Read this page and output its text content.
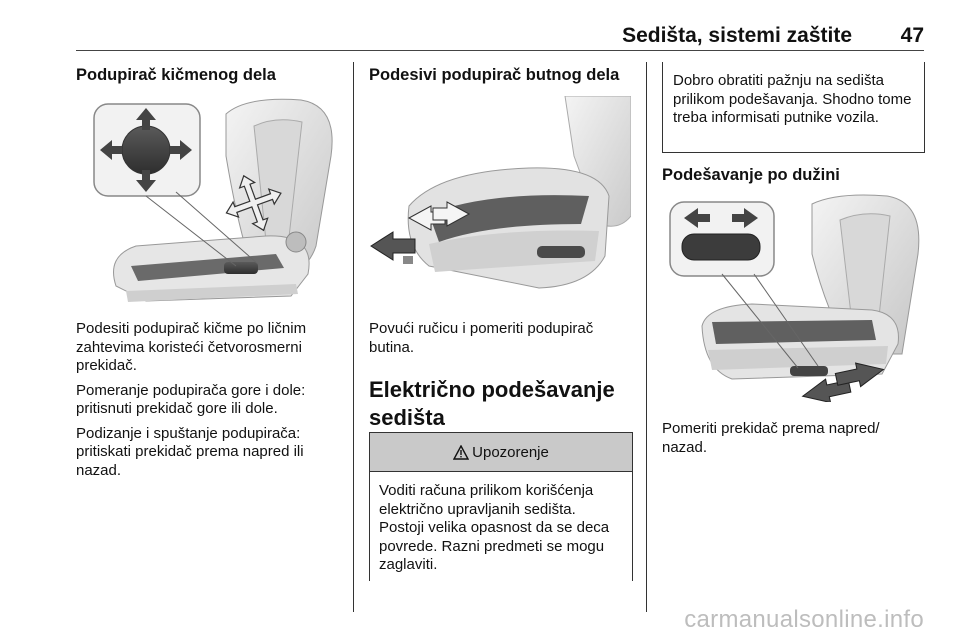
Sedišta, sistemi zaštite 47
Podupirač kičmenog dela

Podesiti podupirač kičme po ličnim zahtevima koristeći četvorosmerni prekidač.

Pomeranje podupirača gore i dole: pritisnuti prekidač gore ili dole.

Podizanje i spuštanje podupirača: pritiskati prekidač prema napred ili nazad.

Podesivi podupirač butnog dela

Povući ručicu i pomeriti podupirač butina.

Električno podešavanje sedišta
Upozorenje

Voditi računa prilikom korišćenja električno upravljanih sedišta. Postoji velika opasnost da se deca povrede. Razni predmeti se mogu zaglaviti.

Dobro obratiti pažnju na sedišta prilikom podešavanja. Shodno tome treba informisati putnike vozila.

Podešavanje po dužini

Pomeriti prekidač prema napred/ nazad.

carmanualsonline.info
